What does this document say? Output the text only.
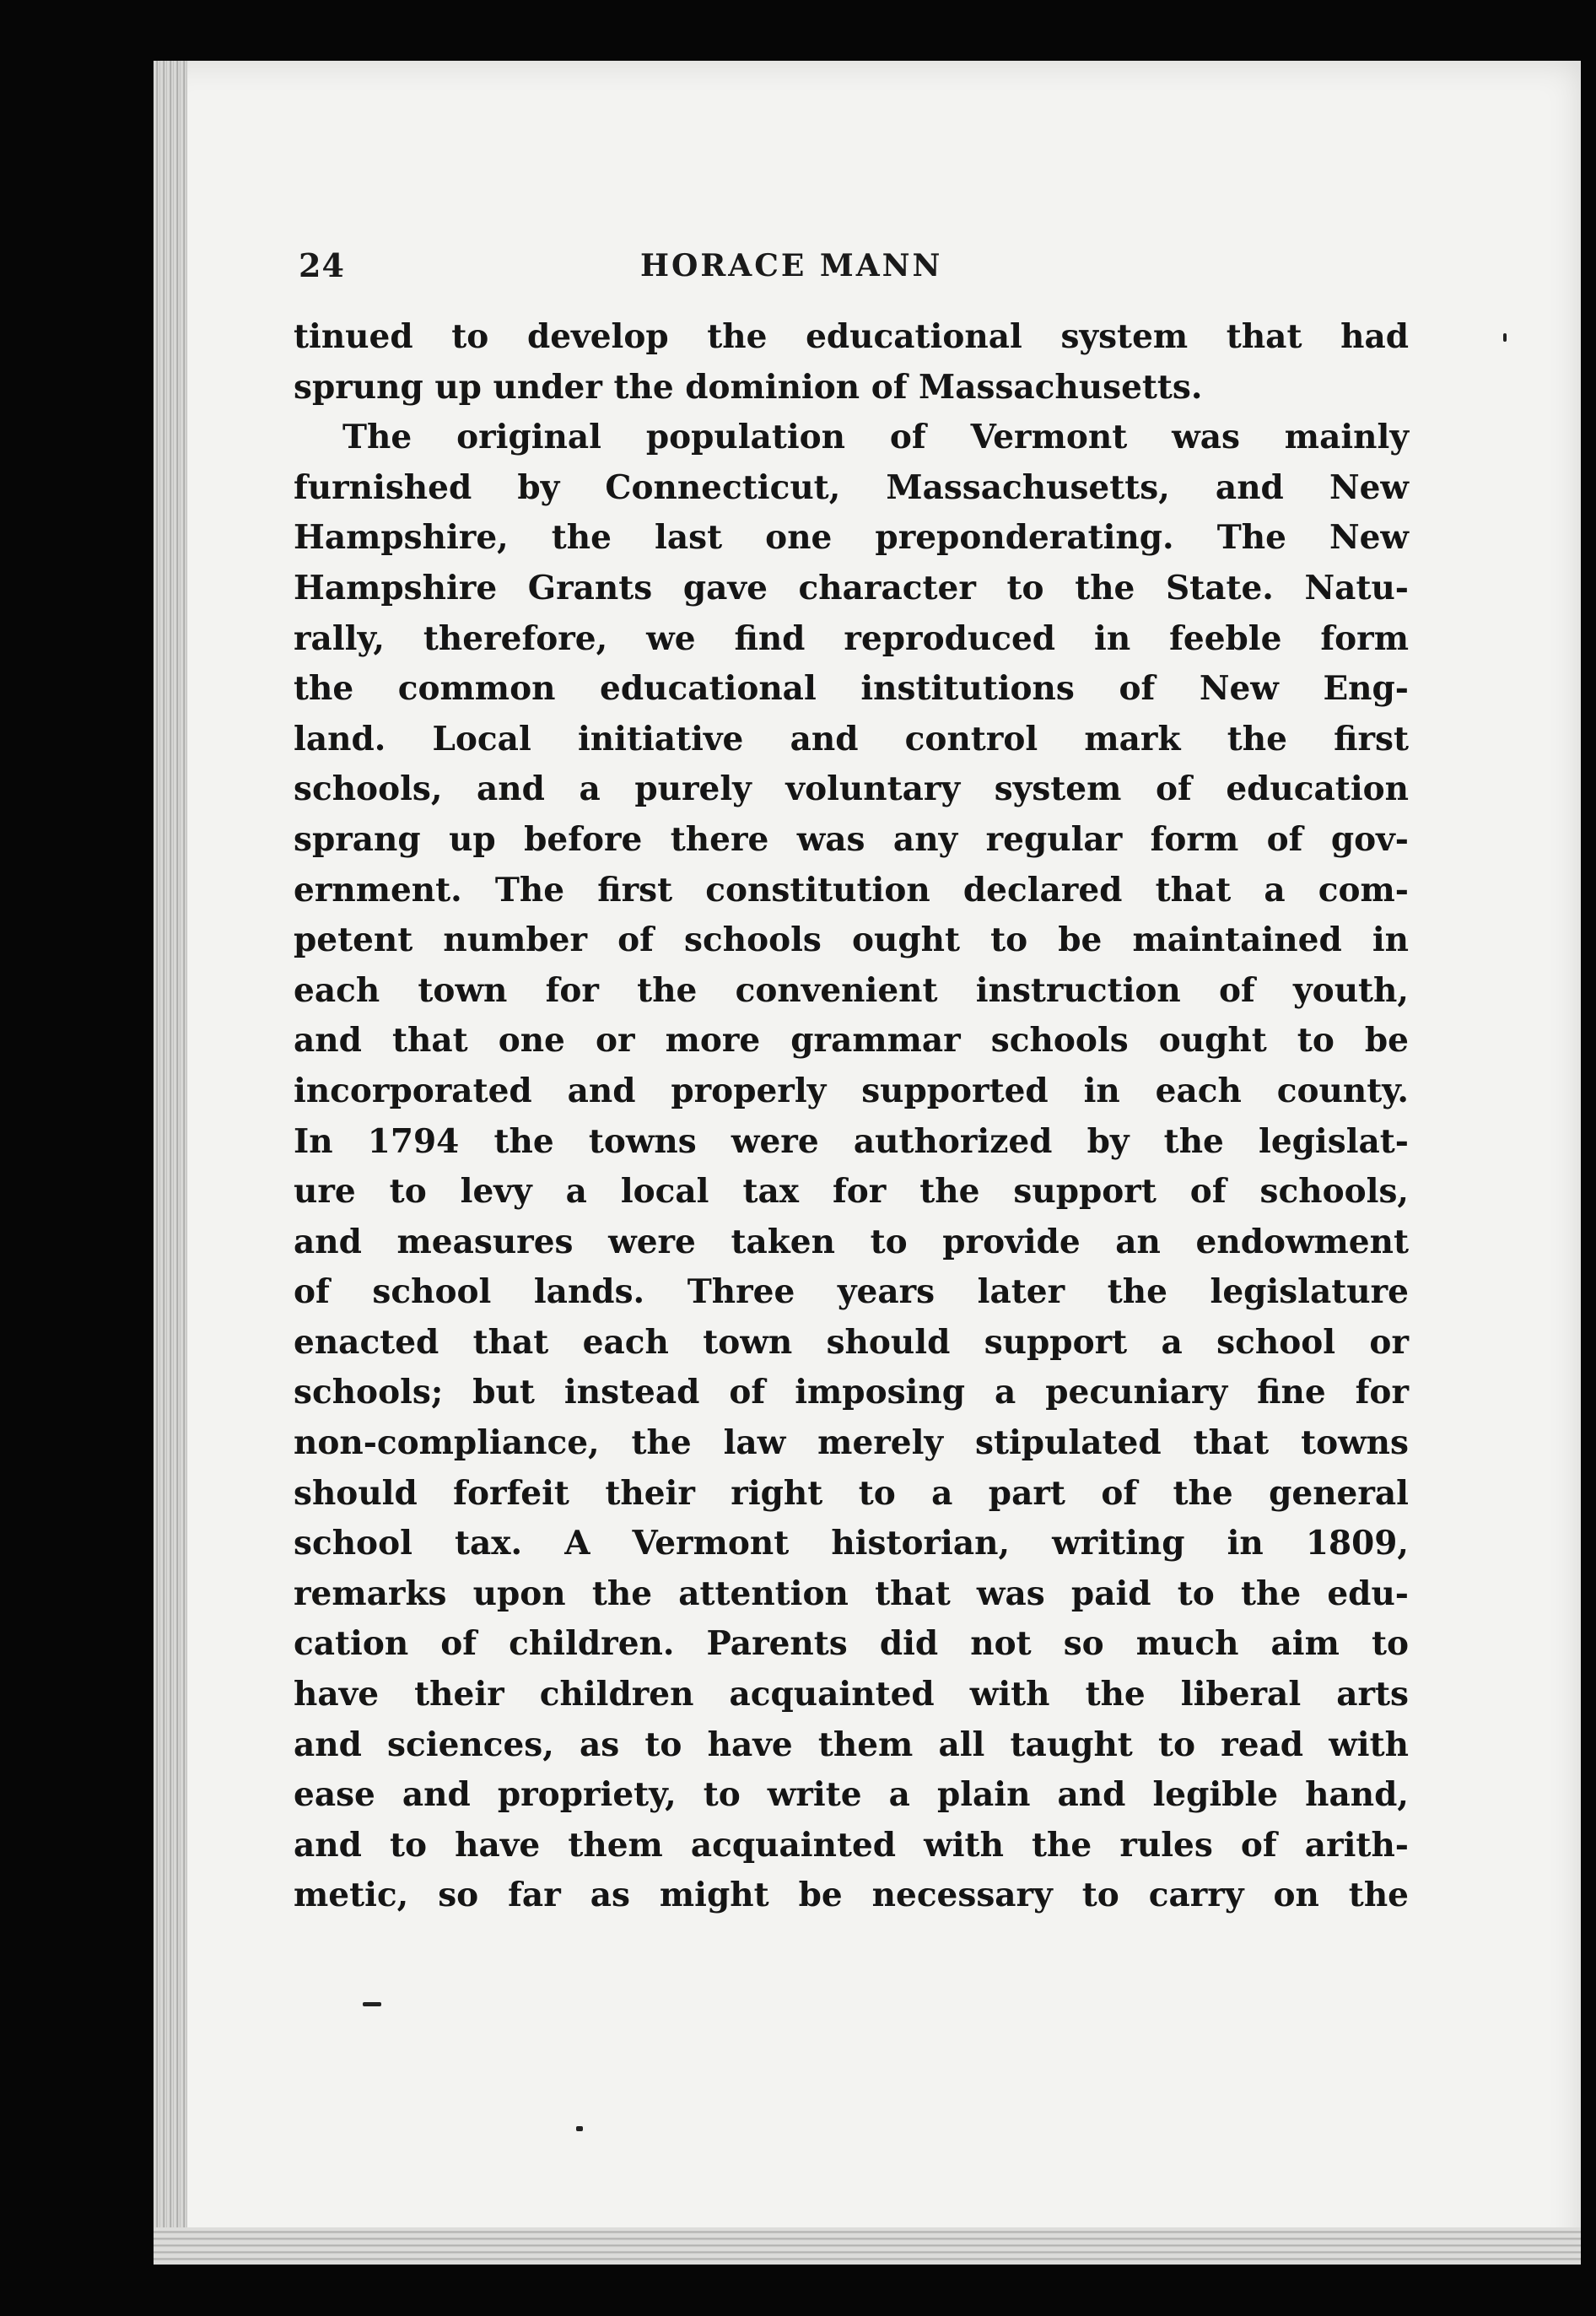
24	HORACE MANN
tinued to develop the educational system that had
sprung up under the dominion of Massachusetts.
The original population of Vermont was mainly
furnished by Connecticut, Massachusetts, and New
Hampshire, the last one preponderating. The New
Hampshire Grants gave character to the State. Natu-
rally, therefore, we find reproduced in feeble form
the common educational institutions of New Eng-
land. Local initiative and control mark the first
schools, and a purely voluntary system of education
sprang up before there was any regular form of gov-
ernment. The first constitution declared that a com-
petent number of schools ought to be maintained in
each town for the convenient instruction of youth,
and that one or more grammar schools ought to be
incorporated and properly supported in each county.
In 1794 the towns were authorized by the legislat-
ure to levy a local tax for the support of schools,
and measures were taken to provide an endowment
of school lands. Three years later the legislature
enacted that each town should support a school or
schools; but instead of imposing a pecuniary fine for
non-compliance, the law merely stipulated that towns
should forfeit their right to a part of the general
school tax. A Vermont historian, writing in 1809,
remarks upon the attention that was paid to the edu-
cation of children. Parents did not so much aim to
have their children acquainted with the liberal arts
and sciences, as to have them all taught to read with
ease and propriety, to write a plain and legible hand,
and to have them acquainted with the rules of arith-
metic, so far as might be necessary to carry on the
